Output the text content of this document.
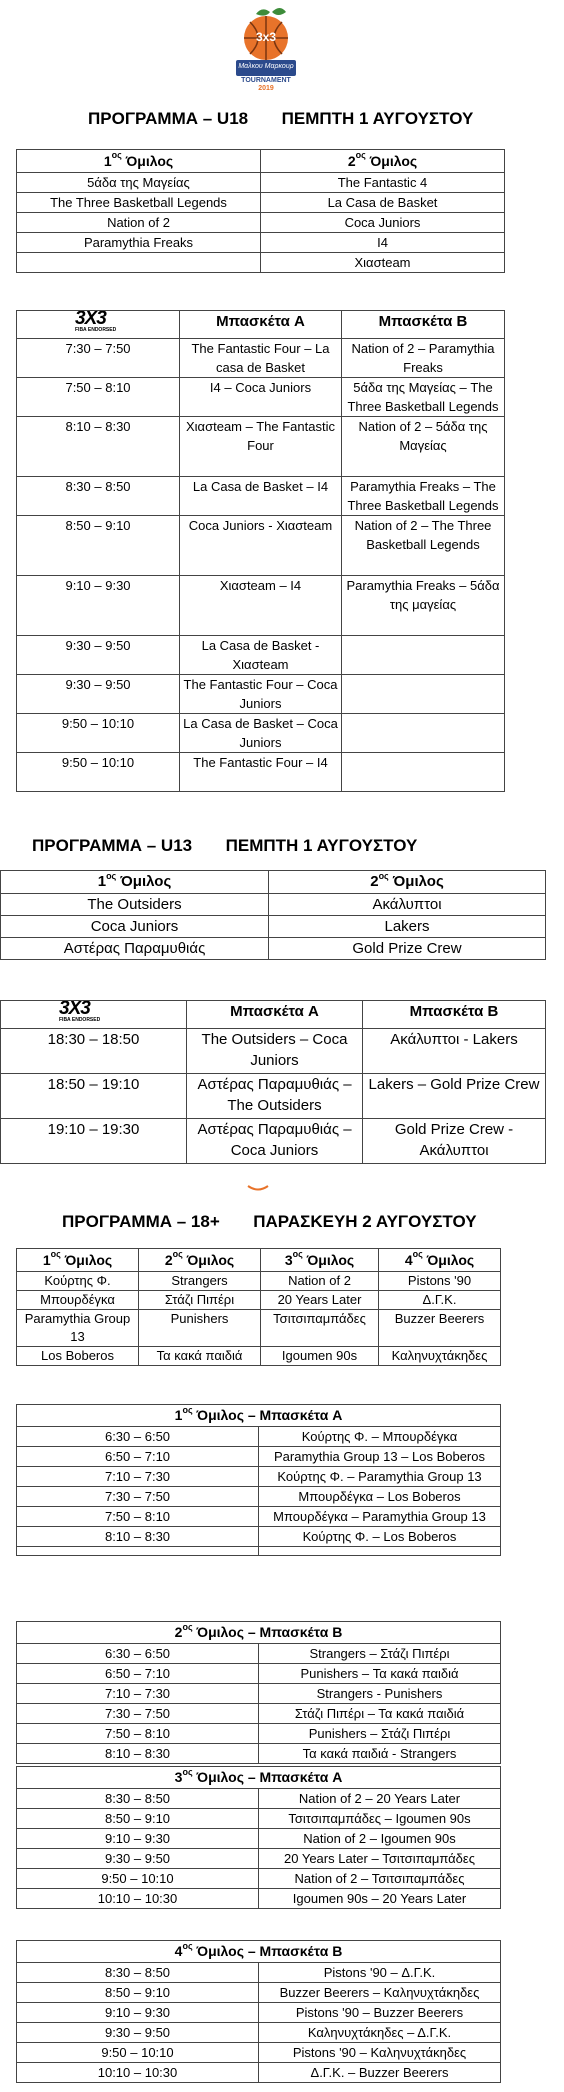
3x3
Μαλκου Μαρκουρ
TOURNAMENT
2019
ΠΡΟΓΡΑΜΜΑ – U18 ΠΕΜΠΤΗ 1 ΑΥΓΟΥΣΤΟΥ
$1^{o\varsigma}$ Όμιλος	$2^{o\varsigma}$ Όμιλος
5άδα της Μαγείας	The Fantastic 4
The Three Basketball Legends	La Casa de Basket
Nation of 2	Coca Juniors
Paramythia Freaks	I4
	Χιασteam
3X3
FIBA ENDORSED	Μπασκέτα A	Μπασκέτα B
7:30 – 7:50	The Fantastic Four – La casa de Basket	Nation of 2 – Paramythia Freaks
7:50 – 8:10	I4 – Coca Juniors	5άδα της Μαγείας – The Three Basketball Legends
8:10 – 8:30	Χιασteam – The Fantastic Four	Nation of 2 – 5άδα της Μαγείας
8:30 – 8:50	La Casa de Basket – I4	Paramythia Freaks – The Three Basketball Legends
8:50 – 9:10	Coca Juniors - Χιασteam	Nation of 2 – The Three Basketball Legends
9:10 – 9:30	Χιασteam – I4	Paramythia Freaks – 5άδα της μαγείας
9:30 – 9:50	La Casa de Basket - Χιασteam	
9:30 – 9:50	The Fantastic Four – Coca Juniors	
9:50 – 10:10	La Casa de Basket – Coca Juniors	
9:50 – 10:10	The Fantastic Four – I4	
ΠΡΟΓΡΑΜΜΑ – U13 ΠΕΜΠΤΗ 1 ΑΥΓΟΥΣΤΟΥ
$1^{o\varsigma}$ Όμιλος	$2^{o\varsigma}$ Όμιλος
The Outsiders	Ακάλυπτοι
Coca Juniors	Lakers
Αστέρας Παραμυθιάς	Gold Prize Crew
3X3
FIBA ENDORSED	Μπασκέτα A	Μπασκέτα B
18:30 – 18:50	The Outsiders – Coca Juniors	Ακάλυπτοι - Lakers
18:50 – 19:10	Αστέρας Παραμυθιάς – The Outsiders	Lakers – Gold Prize Crew
19:10 – 19:30	Αστέρας Παραμυθιάς – Coca Juniors	Gold Prize Crew - Ακάλυπτοι
ΠΡΟΓΡΑΜΜΑ – 18+ ΠΑΡΑΣΚΕΥΗ 2 ΑΥΓΟΥΣΤΟΥ
$1^{o\varsigma}$ Όμιλος	$2^{o\varsigma}$ Όμιλος	$3^{o\varsigma}$ Όμιλος	$4^{o\varsigma}$ Όμιλος
Κούρτης Φ.	Strangers	Nation of 2	Pistons '90
Μπουρδέγκα	Στάζι Πιπέρι	20 Years Later	Δ.Γ.Κ.
Paramythia Group 13	Punishers	Τσιτσιπαμπάδες	Buzzer Beerers
Los Boberos	Τα κακά παιδιά	Igoumen 90s	Καλην​υχτάκηδες
$1^{o\varsigma}$ Όμιλος – Μπασκέτα A	
6:30 – 6:50	Κούρτης Φ. – Μπουρδέγκα
6:50 – 7:10	Paramythia Group 13 – Los Boberos
7:10 – 7:30	Κούρτης Φ. – Paramythia Group 13
7:30 – 7:50	Μπουρδέγκα – Los Boberos
7:50 – 8:10	Μπουρδέγκα – Paramythia Group 13
8:10 – 8:30	Κούρτης Φ. – Los Boberos

$2^{o\varsigma}$ Όμιλος – Μπασκέτα B	
6:30 – 6:50	Strangers – Στάζι Πιπέρι
6:50 – 7:10	Punishers – Τα κακά παιδιά
7:10 – 7:30	Strangers - Punishers
7:30 – 7:50	Στάζι Πιπέρι – Τα κακά παιδιά
7:50 – 8:10	Punishers – Στάζι Πιπέρι
8:10 – 8:30	Τα κακά παιδιά - Strangers
$3^{o\varsigma}$ Όμιλος – Μπασκέτα A	
8:30 – 8:50	Nation of 2 – 20 Years Later
8:50 – 9:10	Τσιτσιπαμπάδες – Igoumen 90s
9:10 – 9:30	Nation of 2 – Igoumen 90s
9:30 – 9:50	20 Years Later – Τσιτσιπαμπάδες
9:50 – 10:10	Nation of 2 – Τσιτσιπαμπάδες
10:10 – 10:30	Igoumen 90s – 20 Years Later
$4^{o\varsigma}$ Όμιλος – Μπασκέτα B	
8:30 – 8:50	Pistons '90 – Δ.Γ.Κ.
8:50 – 9:10	Buzzer Beerers – Καλην​υχτάκηδες
9:10 – 9:30	Pistons '90 – Buzzer Beerers
9:30 – 9:50	Καλην​υχτάκηδες – Δ.Γ.Κ.
9:50 – 10:10	Pistons '90 – Καλην​υχτάκηδες
10:10 – 10:30	Δ.Γ.Κ. – Buzzer Beerers
